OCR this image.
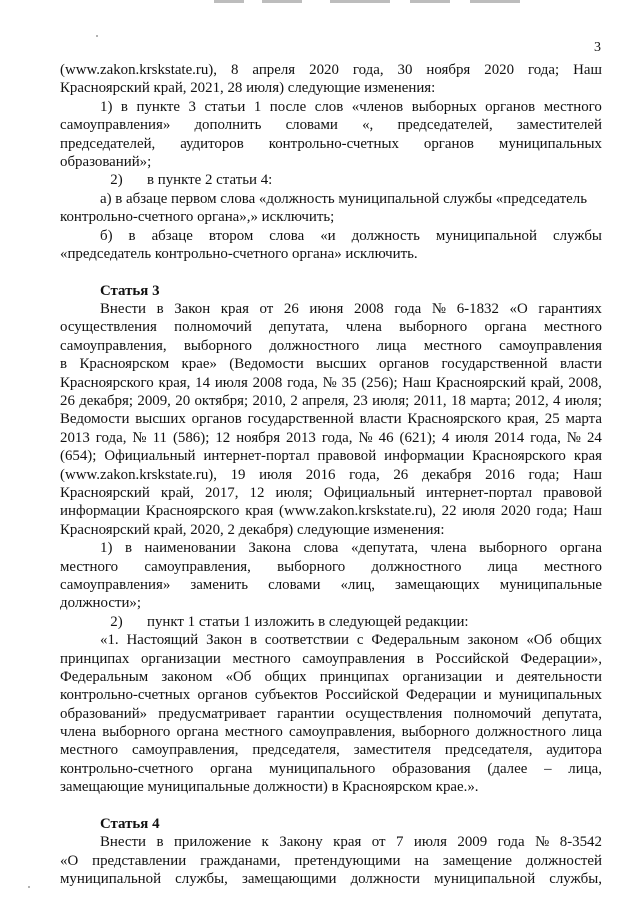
3
(www.zakon.krskstate.ru), 8 апреля 2020 года, 30 ноября 2020 года; Наш
Красноярский край, 2021, 28 июля) следующие изменения:
1) в пункте 3 статьи 1 после слов «членов выборных органов местного
самоуправления» дополнить словами «, председателей, заместителей
председателей, аудиторов контрольно-счетных органов муниципальных
образований»;
2) в пункте 2 статьи 4:
а) в абзаце первом слова «должность муниципальной службы «председатель
контрольно-счетного органа»,» исключить;
б) в абзаце втором слова «и должность муниципальной службы
«председатель контрольно-счетного органа» исключить.
Статья 3
Внести в Закон края от 26 июня 2008 года № 6-1832 «О гарантиях
осуществления полномочий депутата, члена выборного органа местного
самоуправления, выборного должностного лица местного самоуправления
в Красноярском крае» (Ведомости высших органов государственной власти
Красноярского края, 14 июля 2008 года, № 35 (256); Наш Красноярский край, 2008,
26 декабря; 2009, 20 октября; 2010, 2 апреля, 23 июля; 2011, 18 марта; 2012, 4 июля;
Ведомости высших органов государственной власти Красноярского края, 25 марта
2013 года, № 11 (586); 12 ноября 2013 года, № 46 (621); 4 июля 2014 года, № 24
(654); Официальный интернет-портал правовой информации Красноярского края
(www.zakon.krskstate.ru), 19 июля 2016 года, 26 декабря 2016 года; Наш
Красноярский край, 2017, 12 июля; Официальный интернет-портал правовой
информации Красноярского края (www.zakon.krskstate.ru), 22 июля 2020 года; Наш
Красноярский край, 2020, 2 декабря) следующие изменения:
1) в наименовании Закона слова «депутата, члена выборного органа
местного самоуправления, выборного должностного лица местного
самоуправления» заменить словами «лиц, замещающих муниципальные
должности»;
2) пункт 1 статьи 1 изложить в следующей редакции:
«1. Настоящий Закон в соответствии с Федеральным законом «Об общих
принципах организации местного самоуправления в Российской Федерации»,
Федеральным законом «Об общих принципах организации и деятельности
контрольно-счетных органов субъектов Российской Федерации и муниципальных
образований» предусматривает гарантии осуществления полномочий депутата,
члена выборного органа местного самоуправления, выборного должностного лица
местного самоуправления, председателя, заместителя председателя, аудитора
контрольно-счетного органа муниципального образования (далее – лица,
замещающие муниципальные должности) в Красноярском крае.».
Статья 4
Внести в приложение к Закону края от 7 июля 2009 года № 8-3542
«О представлении гражданами, претендующими на замещение должностей
муниципальной службы, замещающими должности муниципальной службы,
